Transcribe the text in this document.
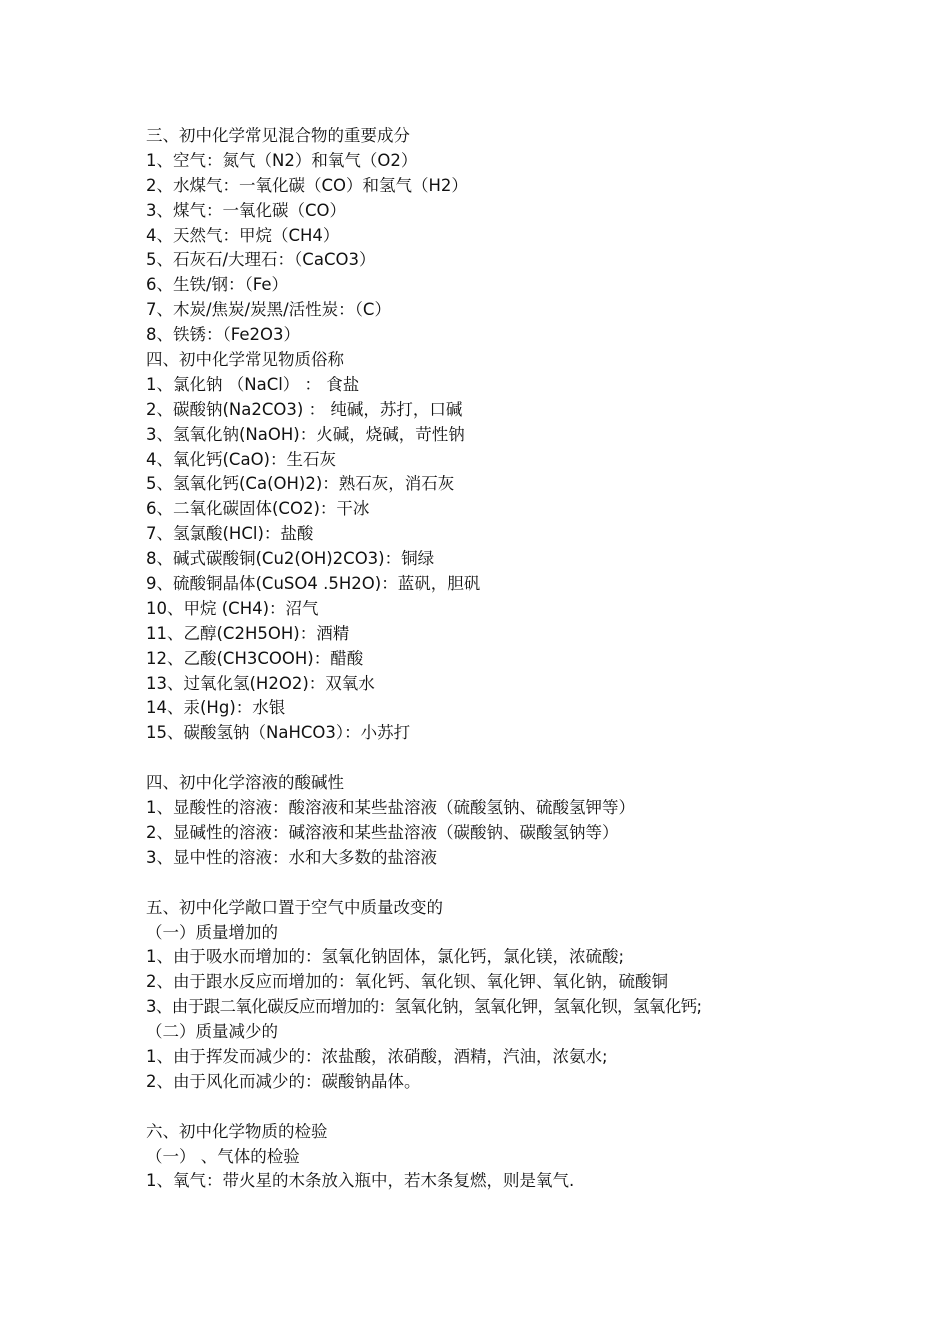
三、初中化学常见混合物的重要成分
1、空气：氮气（N2）和氧气（O2）
2、水煤气：一氧化碳（CO）和氢气（H2）
3、煤气：一氧化碳（CO）
4、天然气：甲烷（CH4）
5、石灰石/大理石：（CaCO3）
6、生铁/钢：（Fe）
7、木炭/焦炭/炭黑/活性炭：（C）
8、铁锈：（Fe2O3）
四、初中化学常见物质俗称
1、氯化钠 （NaCl） ： 食盐
2、碳酸钠(Na2CO3) ： 纯碱，苏打，口碱
3、氢氧化钠(NaOH)：火碱，烧碱，苛性钠
4、氧化钙(CaO)：生石灰
5、氢氧化钙(Ca(OH)2)：熟石灰，消石灰
6、二氧化碳固体(CO2)：干冰
7、氢氯酸(HCl)：盐酸
8、碱式碳酸铜(Cu2(OH)2CO3)：铜绿
9、硫酸铜晶体(CuSO4 .5H2O)：蓝矾，胆矾
10、甲烷 (CH4)：沼气
11、乙醇(C2H5OH)：酒精
12、乙酸(CH3COOH)：醋酸
13、过氧化氢(H2O2)：双氧水
14、汞(Hg)：水银
15、碳酸氢钠（NaHCO3）：小苏打
四、初中化学溶液的酸碱性
1、显酸性的溶液：酸溶液和某些盐溶液（硫酸氢钠、硫酸氢钾等）
2、显碱性的溶液：碱溶液和某些盐溶液（碳酸钠、碳酸氢钠等）
3、显中性的溶液：水和大多数的盐溶液
五、初中化学敞口置于空气中质量改变的
（一）质量增加的
1、由于吸水而增加的：氢氧化钠固体，氯化钙，氯化镁，浓硫酸;
2、由于跟水反应而增加的：氧化钙、氧化钡、氧化钾、氧化钠，硫酸铜
3、由于跟二氧化碳反应而增加的：氢氧化钠，氢氧化钾，氢氧化钡，氢氧化钙;
（二）质量减少的
1、由于挥发而减少的：浓盐酸，浓硝酸，酒精，汽油，浓氨水;
2、由于风化而减少的：碳酸钠晶体。
六、初中化学物质的检验
（一） 、气体的检验
1、氧气：带火星的木条放入瓶中，若木条复燃，则是氧气.
